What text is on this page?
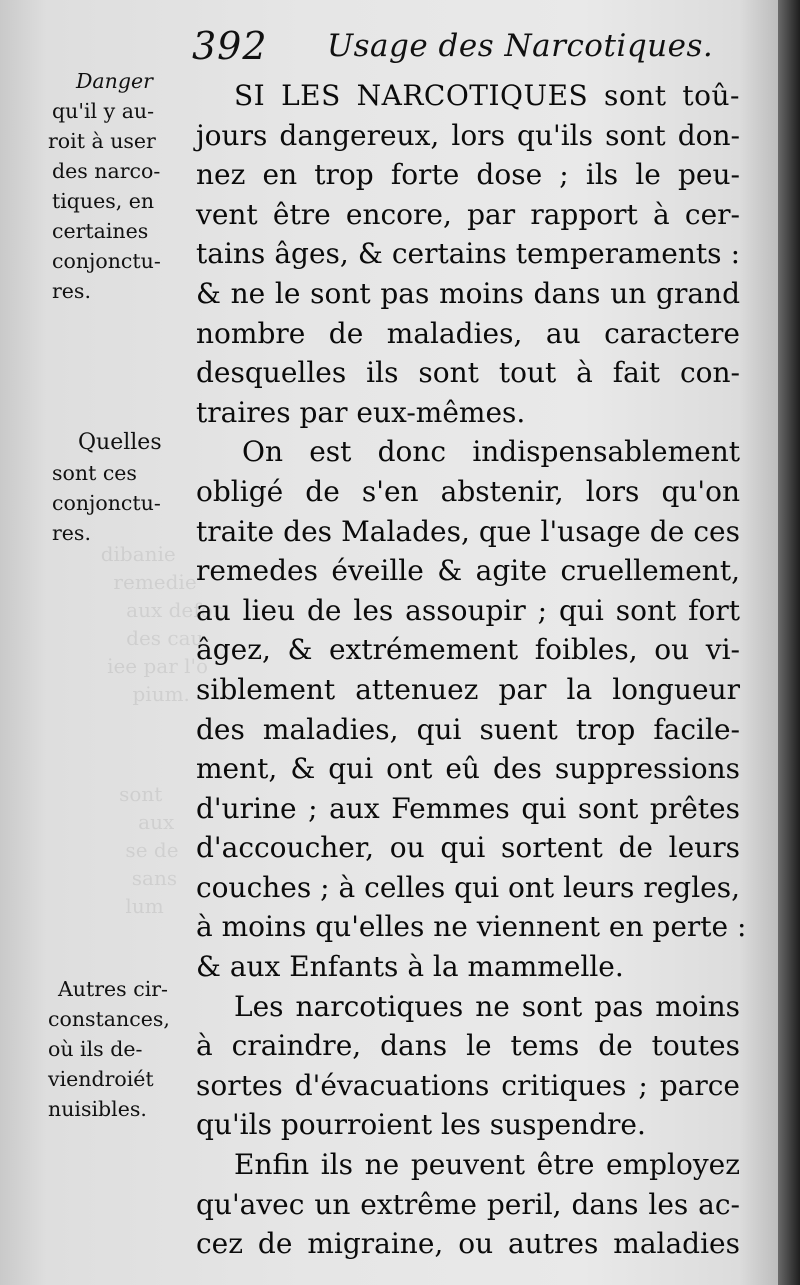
dibanie
remedie
aux defor
des cau-
iee par l'o
pium.
sont
aux
se de
sans
lum
392 Usage des Narcotiques.
Danger
qu'il y au-
roit à user
des narco-
tiques, en
certaines
conjonctu-
res.
Quelles
sont ces
conjonctu-
res.
Autres cir-
constances,
où ils de-
viendroiét
nuisibles.
SI LES NARCOTIQUES sont toû-
jours dangereux, lors qu'ils sont don-
nez en trop forte dose ; ils le peu-
vent être encore, par rapport à cer-
tains âges, & certains temperaments :
& ne le sont pas moins dans un grand
nombre de maladies, au caractere
desquelles ils sont tout à fait con-
traires par eux-mêmes.
On est donc indispensablement
obligé de s'en abstenir, lors qu'on
traite des Malades, que l'usage de ces
remedes éveille & agite cruellement,
au lieu de les assoupir ; qui sont fort
âgez, & extrémement foibles, ou vi-
siblement attenuez par la longueur
des maladies, qui suent trop facile-
ment, & qui ont eû des suppressions
d'urine ; aux Femmes qui sont prêtes
d'accoucher, ou qui sortent de leurs
couches ; à celles qui ont leurs regles,
à moins qu'elles ne viennent en perte :
& aux Enfants à la mammelle.
Les narcotiques ne sont pas moins
à craindre, dans le tems de toutes
sortes d'évacuations critiques ; parce
qu'ils pourroient les suspendre.
Enfin ils ne peuvent être employez
qu'avec un extrême peril, dans les ac-
cez de migraine, ou autres maladies
